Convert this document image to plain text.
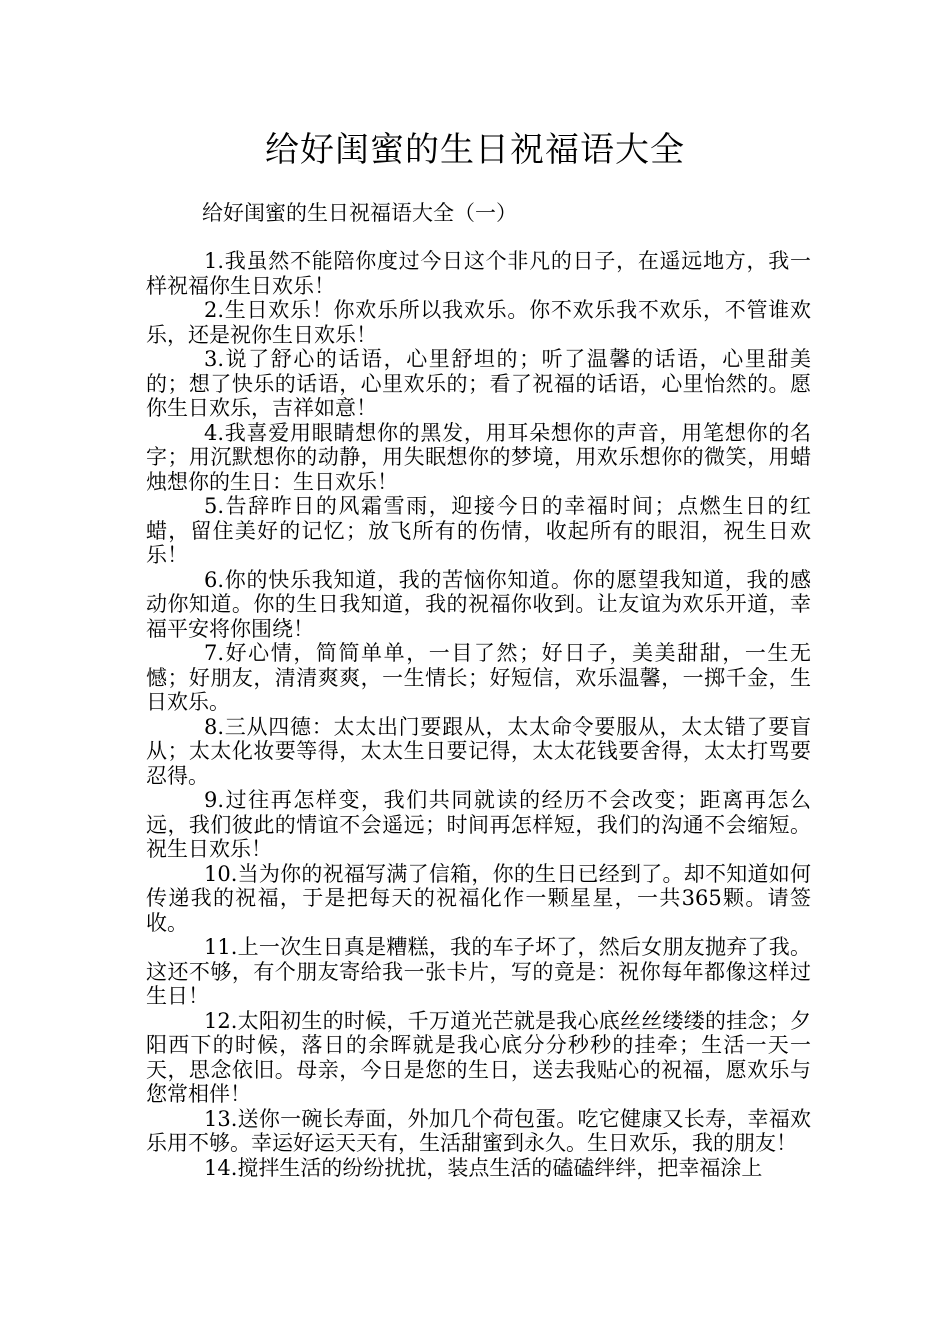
给好闺蜜的生日祝福语大全
给好闺蜜的生日祝福语大全（一）

1.我虽然不能陪你度过今日这个非凡的日子，在遥远地方，我一样祝福你生日欢乐！

2.生日欢乐！你欢乐所以我欢乐。你不欢乐我不欢乐，不管谁欢乐，还是祝你生日欢乐！

3.说了舒心的话语，心里舒坦的；听了温馨的话语，心里甜美的；想了快乐的话语，心里欢乐的；看了祝福的话语，心里怡然的。愿你生日欢乐，吉祥如意！

4.我喜爱用眼睛想你的黑发，用耳朵想你的声音，用笔想你的名字；用沉默想你的动静，用失眠想你的梦境，用欢乐想你的微笑，用蜡烛想你的生日：生日欢乐！

5.告辞昨日的风霜雪雨，迎接今日的幸福时间；点燃生日的红蜡，留住美好的记忆；放飞所有的伤情，收起所有的眼泪，祝生日欢乐！

6.你的快乐我知道，我的苦恼你知道。你的愿望我知道，我的感动你知道。你的生日我知道，我的祝福你收到。让友谊为欢乐开道，幸福平安将你围绕！

7.好心情，简简单单，一目了然；好日子，美美甜甜，一生无憾；好朋友，清清爽爽，一生情长；好短信，欢乐温馨，一掷千金，生日欢乐。

8.三从四德：太太出门要跟从，太太命令要服从，太太错了要盲从；太太化妆要等得，太太生日要记得，太太花钱要舍得，太太打骂要忍得。

9.过往再怎样变，我们共同就读的经历不会改变；距离再怎么远，我们彼此的情谊不会遥远；时间再怎样短，我们的沟通不会缩短。祝生日欢乐！

10.当为你的祝福写满了信箱，你的生日已经到了。却不知道如何传递我的祝福，于是把每天的祝福化作一颗星星，一共365颗。请签收。

11.上一次生日真是糟糕，我的车子坏了，然后女朋友抛弃了我。这还不够，有个朋友寄给我一张卡片，写的竟是：祝你每年都像这样过生日！

12.太阳初生的时候，千万道光芒就是我心底丝丝缕缕的挂念；夕阳西下的时候，落日的余晖就是我心底分分秒秒的挂牵；生活一天一天，思念依旧。母亲，今日是您的生日，送去我贴心的祝福，愿欢乐与您常相伴！

13.送你一碗长寿面，外加几个荷包蛋。吃它健康又长寿，幸福欢乐用不够。幸运好运天天有，生活甜蜜到永久。生日欢乐，我的朋友！

14.搅拌生活的纷纷扰扰，装点生活的磕磕绊绊，把幸福涂上
